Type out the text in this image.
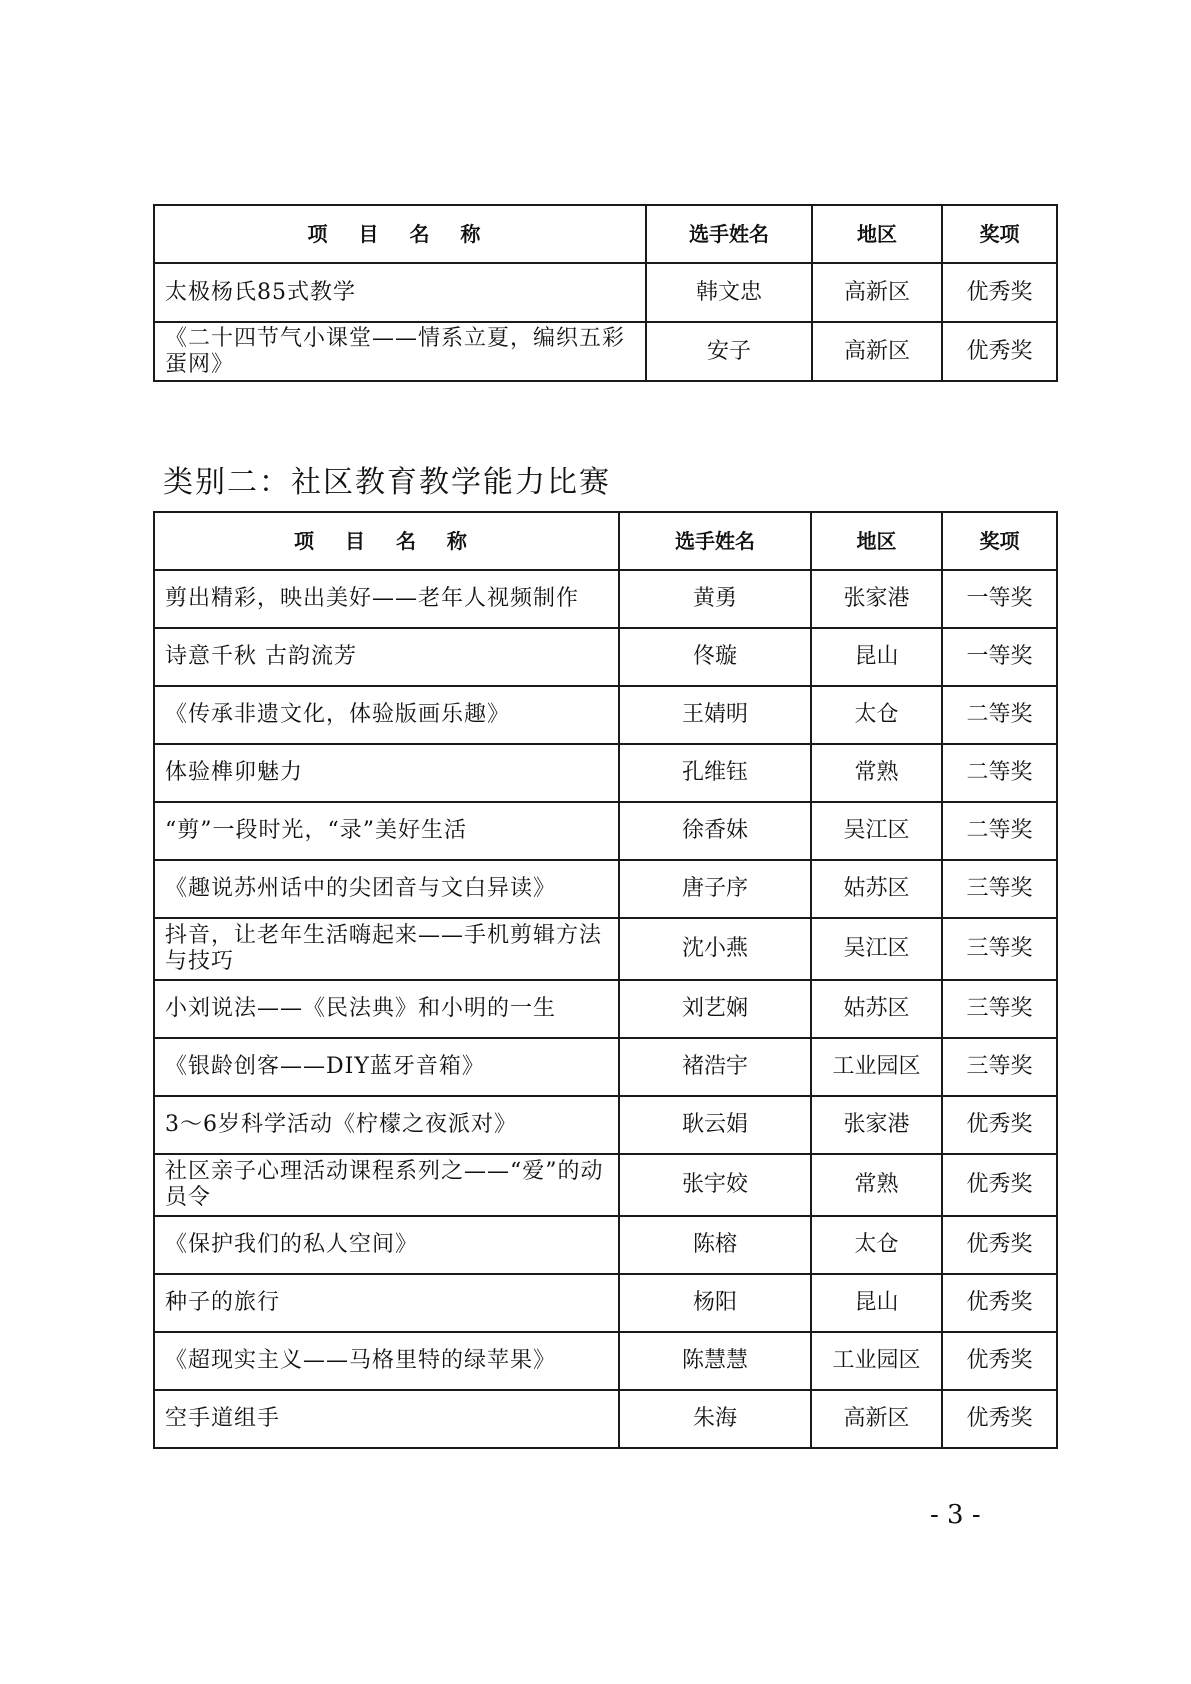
项 目 名 称	选手姓名	地区	奖项
太极杨氏85式教学	韩文忠	高新区	优秀奖
《二十四节气小课堂——情系立夏，编织五彩蛋网》	安子	高新区	优秀奖
类别二：社区教育教学能力比赛
项 目 名 称	选手姓名	地区	奖项
剪出精彩，映出美好——老年人视频制作	黄勇	张家港	一等奖
诗意千秋 古韵流芳	佟璇	昆山	一等奖
《传承非遗文化，体验版画乐趣》	王婧明	太仓	二等奖
体验榫卯魅力	孔维钰	常熟	二等奖
“剪”一段时光，“录”美好生活	徐香妹	吴江区	二等奖
《趣说苏州话中的尖团音与文白异读》	唐子序	姑苏区	三等奖
抖音，让老年生活嗨起来——手机剪辑方法与技巧	沈小燕	吴江区	三等奖
小刘说法——《民法典》和小明的一生	刘艺娴	姑苏区	三等奖
《银龄创客——DIY蓝牙音箱》	褚浩宇	工业园区	三等奖
3～6岁科学活动《柠檬之夜派对》	耿云娟	张家港	优秀奖
社区亲子心理活动课程系列之——“爱”的动员令	张宇姣	常熟	优秀奖
《保护我们的私人空间》	陈榕	太仓	优秀奖
种子的旅行	杨阳	昆山	优秀奖
《超现实主义——马格里特的绿苹果》	陈慧慧	工业园区	优秀奖
空手道组手	朱海	高新区	优秀奖
- 3 -
